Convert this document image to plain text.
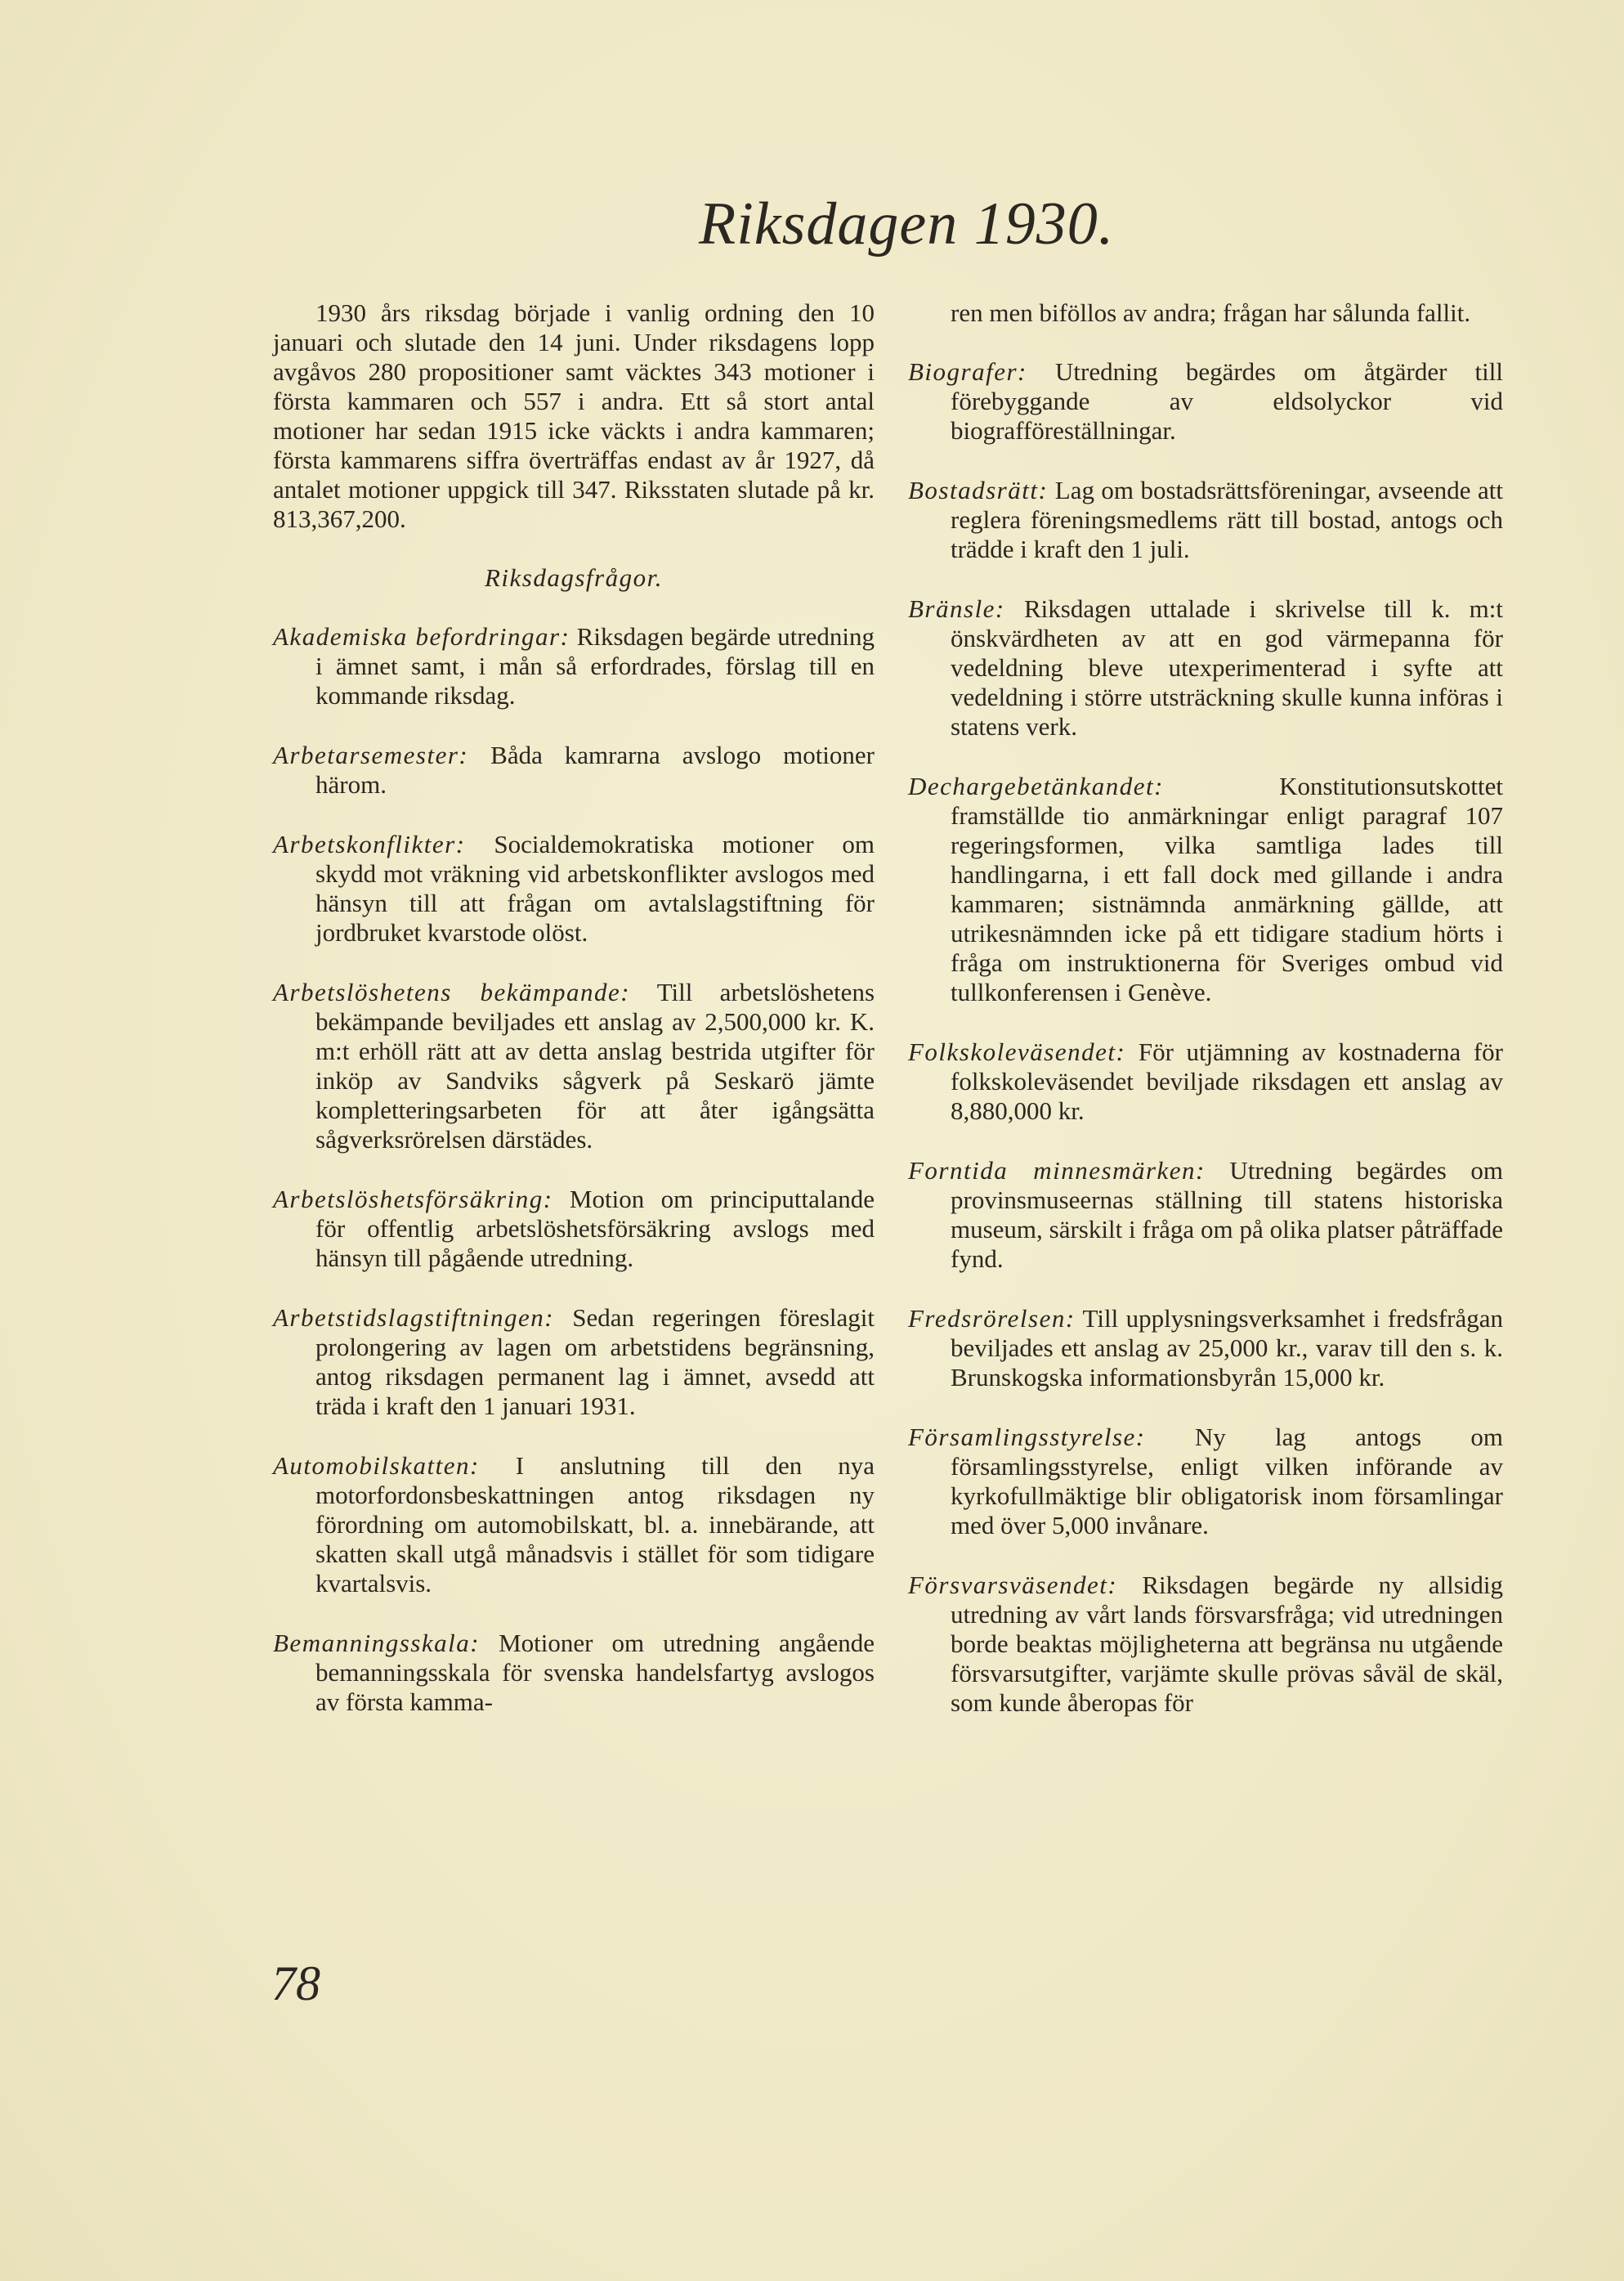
Riksdagen 1930.

1930 års riksdag började i vanlig ordning den 10 januari och slutade den 14 juni. Under riksdagens lopp avgåvos 280 propositioner samt väcktes 343 motioner i första kammaren och 557 i andra. Ett så stort antal motioner har sedan 1915 icke väckts i andra kammaren; första kammarens siffra överträffas endast av år 1927, då antalet motioner uppgick till 347. Riksstaten slutade på kr. 813,367,200.

Riksdagsfrågor.

Akademiska befordringar: Riksdagen begärde utredning i ämnet samt, i mån så erfordrades, förslag till en kommande riksdag.

Arbetarsemester: Båda kamrarna avslogo motioner härom.

Arbetskonflikter: Socialdemokratiska motioner om skydd mot vräkning vid arbetskonflikter avslogos med hänsyn till att frågan om avtalslagstiftning för jordbruket kvarstode olöst.

Arbetslöshetens bekämpande: Till arbetslöshetens bekämpande beviljades ett anslag av 2,500,000 kr. K. m:t erhöll rätt att av detta anslag bestrida utgifter för inköp av Sandviks sågverk på Seskarö jämte kompletteringsarbeten för att åter igångsätta sågverksrörelsen därstädes.

Arbetslöshetsförsäkring: Motion om principuttalande för offentlig arbetslöshetsförsäkring avslogs med hänsyn till pågående utredning.

Arbetstidslagstiftningen: Sedan regeringen föreslagit prolongering av lagen om arbetstidens begränsning, antog riksdagen permanent lag i ämnet, avsedd att träda i kraft den 1 januari 1931.

Automobilskatten: I anslutning till den nya motorfordonsbeskattningen antog riksdagen ny förordning om automobilskatt, bl. a. innebärande, att skatten skall utgå månadsvis i stället för som tidigare kvartalsvis.

Bemanningsskala: Motioner om utredning angående bemanningsskala för svenska handelsfartyg avslogos av första kamma-

ren men biföllos av andra; frågan har sålunda fallit.

Biografer: Utredning begärdes om åtgärder till förebyggande av eldsolyckor vid biografföreställningar.

Bostadsrätt: Lag om bostadsrättsföreningar, avseende att reglera föreningsmedlems rätt till bostad, antogs och trädde i kraft den 1 juli.

Bränsle: Riksdagen uttalade i skrivelse till k. m:t önskvärdheten av att en god värmepanna för vedeldning bleve utexperimenterad i syfte att vedeldning i större utsträckning skulle kunna införas i statens verk.

Dechargebetänkandet: Konstitutionsutskottet framställde tio anmärkningar enligt paragraf 107 regeringsformen, vilka samtliga lades till handlingarna, i ett fall dock med gillande i andra kammaren; sistnämnda anmärkning gällde, att utrikesnämnden icke på ett tidigare stadium hörts i fråga om instruktionerna för Sveriges ombud vid tullkonferensen i Genève.

Folkskoleväsendet: För utjämning av kostnaderna för folkskoleväsendet beviljade riksdagen ett anslag av 8,880,000 kr.

Forntida minnesmärken: Utredning begärdes om provinsmuseernas ställning till statens historiska museum, särskilt i fråga om på olika platser påträffade fynd.

Fredsrörelsen: Till upplysningsverksamhet i fredsfrågan beviljades ett anslag av 25,000 kr., varav till den s. k. Brunskogska informationsbyrån 15,000 kr.

Församlingsstyrelse: Ny lag antogs om församlingsstyrelse, enligt vilken införande av kyrkofullmäktige blir obligatorisk inom församlingar med över 5,000 invånare.

Försvarsväsendet: Riksdagen begärde ny allsidig utredning av vårt lands försvarsfråga; vid utredningen borde beaktas möjligheterna att begränsa nu utgående försvarsutgifter, varjämte skulle prövas såväl de skäl, som kunde åberopas för

78
